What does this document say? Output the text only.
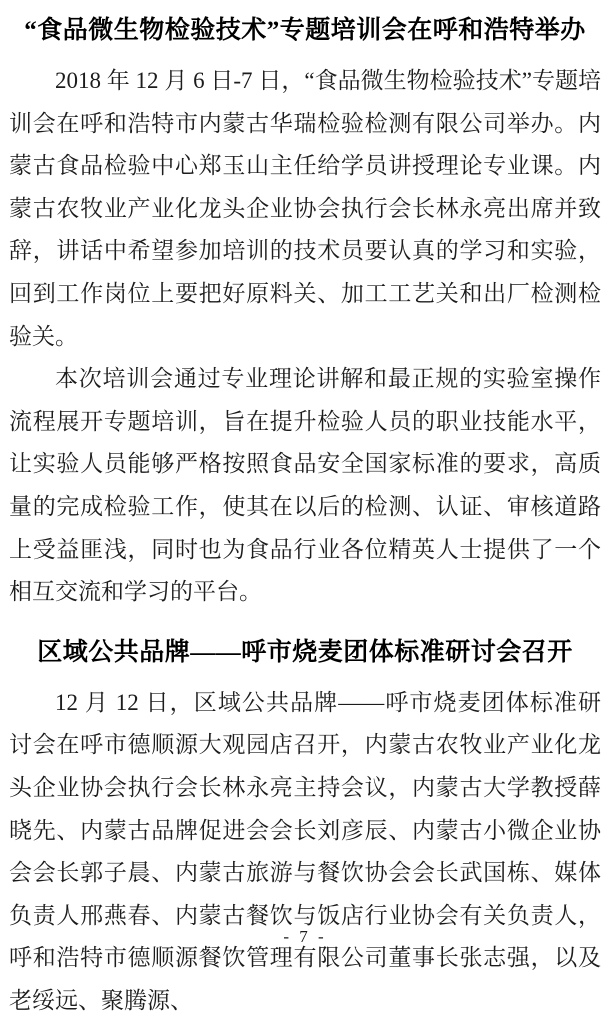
“食品微生物检验技术”专题培训会在呼和浩特举办

2018 年 12 月 6 日-7 日，“食品微生物检验技术”专题培训会在呼和浩特市内蒙古华瑞检验检测有限公司举办。内蒙古食品检验中心郑玉山主任给学员讲授理论专业课。内蒙古农牧业产业化龙头企业协会执行会长林永亮出席并致辞，讲话中希望参加培训的技术员要认真的学习和实验，回到工作岗位上要把好原料关、加工工艺关和出厂检测检验关。

本次培训会通过专业理论讲解和最正规的实验室操作流程展开专题培训，旨在提升检验人员的职业技能水平，让实验人员能够严格按照食品安全国家标准的要求，高质量的完成检验工作，使其在以后的检测、认证、审核道路上受益匪浅，同时也为食品行业各位精英人士提供了一个相互交流和学习的平台。

区域公共品牌——呼市烧麦团体标准研讨会召开

12 月 12 日，区域公共品牌——呼市烧麦团体标准研讨会在呼市德顺源大观园店召开，内蒙古农牧业产业化龙头企业协会执行会长林永亮主持会议，内蒙古大学教授薛晓先、内蒙古品牌促进会会长刘彦辰、内蒙古小微企业协会会长郭子晨、内蒙古旅游与餐饮协会会长武国栋、媒体负责人邢燕春、内蒙古餐饮与饭店行业协会有关负责人，呼和浩特市德顺源餐饮管理有限公司董事长张志强，以及老绥远、聚腾源、

- 7 -
